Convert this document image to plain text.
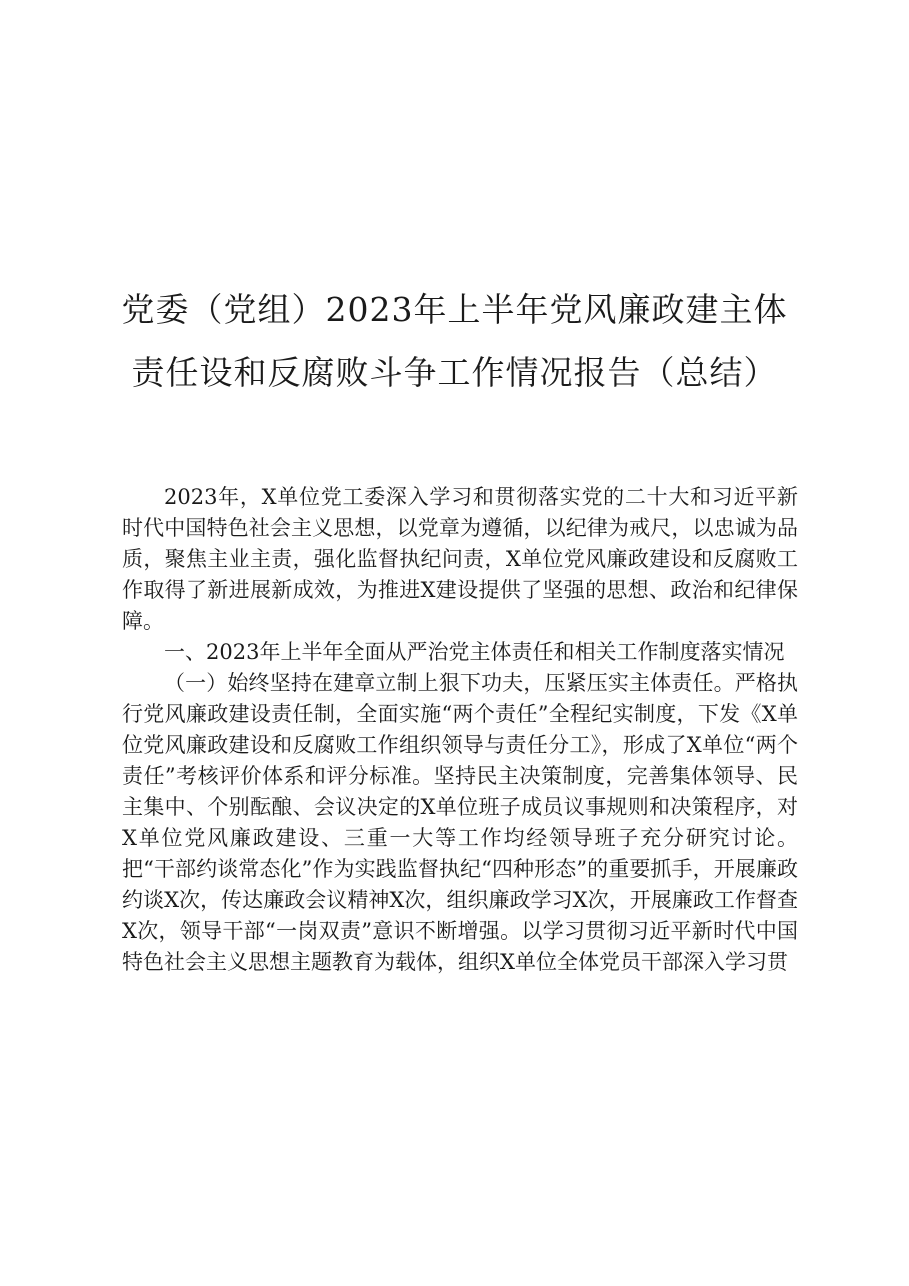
党委（党组）2023年上半年党风廉政建主体
责任设和反腐败斗争工作情况报告（总结）

2023年，X单位党工委深入学习和贯彻落实党的二十大和习近平新时代中国特色社会主义思想，以党章为遵循，以纪律为戒尺，以忠诚为品质，聚焦主业主责，强化监督执纪问责，X单位党风廉政建设和反腐败工作取得了新进展新成效，为推进X建设提供了坚强的思想、政治和纪律保障。

一、2023年上半年全面从严治党主体责任和相关工作制度落实情况

（一）始终坚持在建章立制上狠下功夫，压紧压实主体责任。严格执行党风廉政建设责任制，全面实施“两个责任”全程纪实制度，下发《X单位党风廉政建设和反腐败工作组织领导与责任分工》，形成了X单位“两个责任”考核评价体系和评分标准。坚持民主决策制度，完善集体领导、民主集中、个别酝酿、会议决定的X单位班子成员议事规则和决策程序，对X单位党风廉政建设、三重一大等工作均经领导班子充分研究讨论。把“干部约谈常态化”作为实践监督执纪“四种形态”的重要抓手，开展廉政约谈X次，传达廉政会议精神X次，组织廉政学习X次，开展廉政工作督查X次，领导干部“一岗双责”意识不断增强。以学习贯彻习近平新时代中国特色社会主义思想主题教育为载体，组织X单位全体党员干部深入学习贯
